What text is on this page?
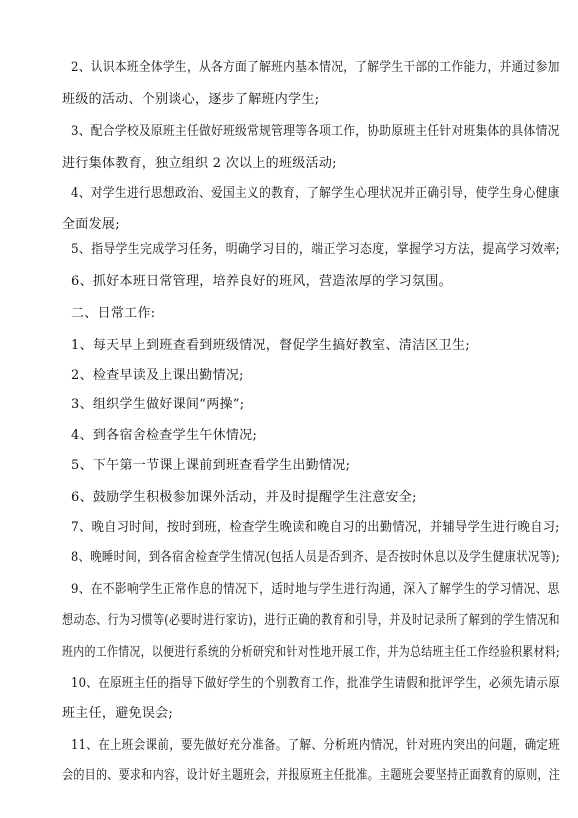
2、认识本班全体学生，从各方面了解班内基本情况，了解学生干部的工作能力，并通过参加
班级的活动、个别谈心，逐步了解班内学生;
3、配合学校及原班主任做好班级常规管理等各项工作，协助原班主任针对班集体的具体情况
进行集体教育，独立组织 2 次以上的班级活动;
4、对学生进行思想政治、爱国主义的教育，了解学生心理状况并正确引导，使学生身心健康
全面发展;
5、指导学生完成学习任务，明确学习目的，端正学习态度，掌握学习方法，提高学习效率;
6、抓好本班日常管理，培养良好的班风，营造浓厚的学习氛围。
二、日常工作:
1、每天早上到班查看到班级情况，督促学生搞好教室、清洁区卫生;
2、检查早读及上课出勤情况;
3、组织学生做好课间“两操”;
4、到各宿舍检查学生午休情况;
5、下午第一节课上课前到班查看学生出勤情况;
6、鼓励学生积极参加课外活动，并及时提醒学生注意安全;
7、晚自习时间，按时到班，检查学生晚读和晚自习的出勤情况，并辅导学生进行晚自习;
8、晚睡时间，到各宿舍检查学生情况(包括人员是否到齐、是否按时休息以及学生健康状况等);
9、在不影响学生正常作息的情况下，适时地与学生进行沟通，深入了解学生的学习情况、思
想动态、行为习惯等(必要时进行家访)，进行正确的教育和引导，并及时记录所了解到的学生情况和
班内的工作情况，以便进行系统的分析研究和针对性地开展工作，并为总结班主任工作经验积累材料;
10、在原班主任的指导下做好学生的个别教育工作，批准学生请假和批评学生，必须先请示原
班主任，避免误会;
11、在上班会课前，要先做好充分准备。了解、分析班内情况，针对班内突出的问题，确定班
会的目的、要求和内容，设计好主题班会，并报原班主任批准。主题班会要坚持正面教育的原则，注
